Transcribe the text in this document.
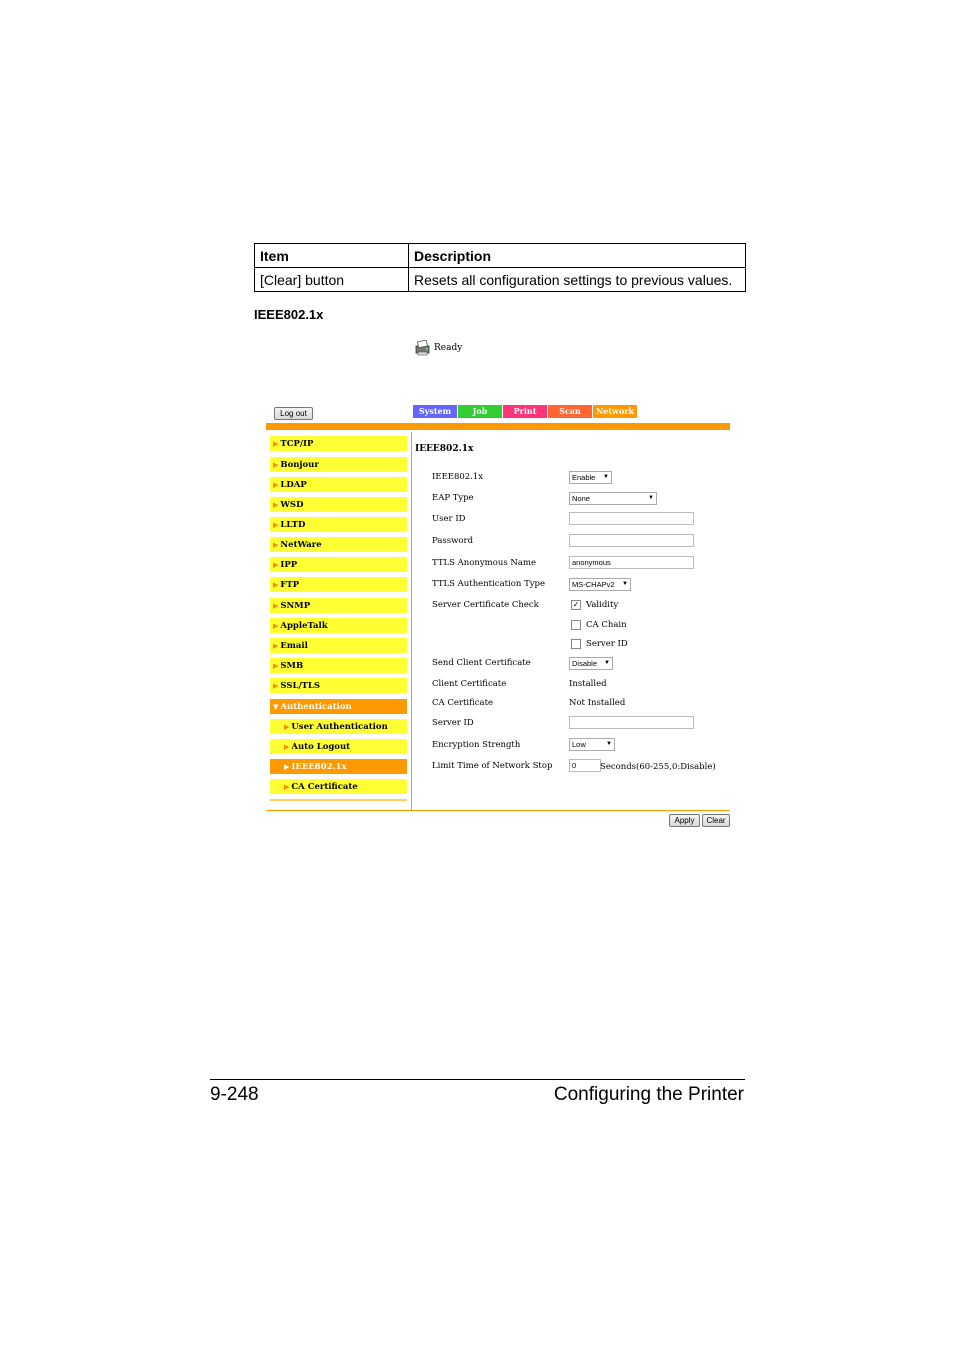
Item	Description
[Clear] button	Resets all configuration settings to previous values.
IEEE802.1x
Ready
Log out	System	Job	Print	Scan	Network
▶ TCP/IP
▶ Bonjour
▶ LDAP
▶ WSD
▶ LLTD
▶ NetWare
▶ IPP
▶ FTP
▶ SNMP
▶ AppleTalk
▶ Email
▶ SMB
▶ SSL/TLS
▼ Authentication
▶ User Authentication
▶ Auto Logout
▶ IEEE802.1x
▶ CA Certificate
IEEE802.1x
IEEE802.1x	Enable ▼
EAP Type	None	▼
User ID
Password
TTLS Anonymous Name	anonymous
TTLS Authentication Type	MS-CHAPv2 ▼
Server Certificate Check	✓ Validity
CA Chain
Server ID
Send Client Certificate	Disable ▼
Client Certificate	Installed
CA Certificate	Not Installed
Server ID
Encryption Strength	Low	▼
Limit Time of Network Stop	0	Seconds(60-255,0:Disable)
Apply	Clear
9-248	Configuring the Printer
